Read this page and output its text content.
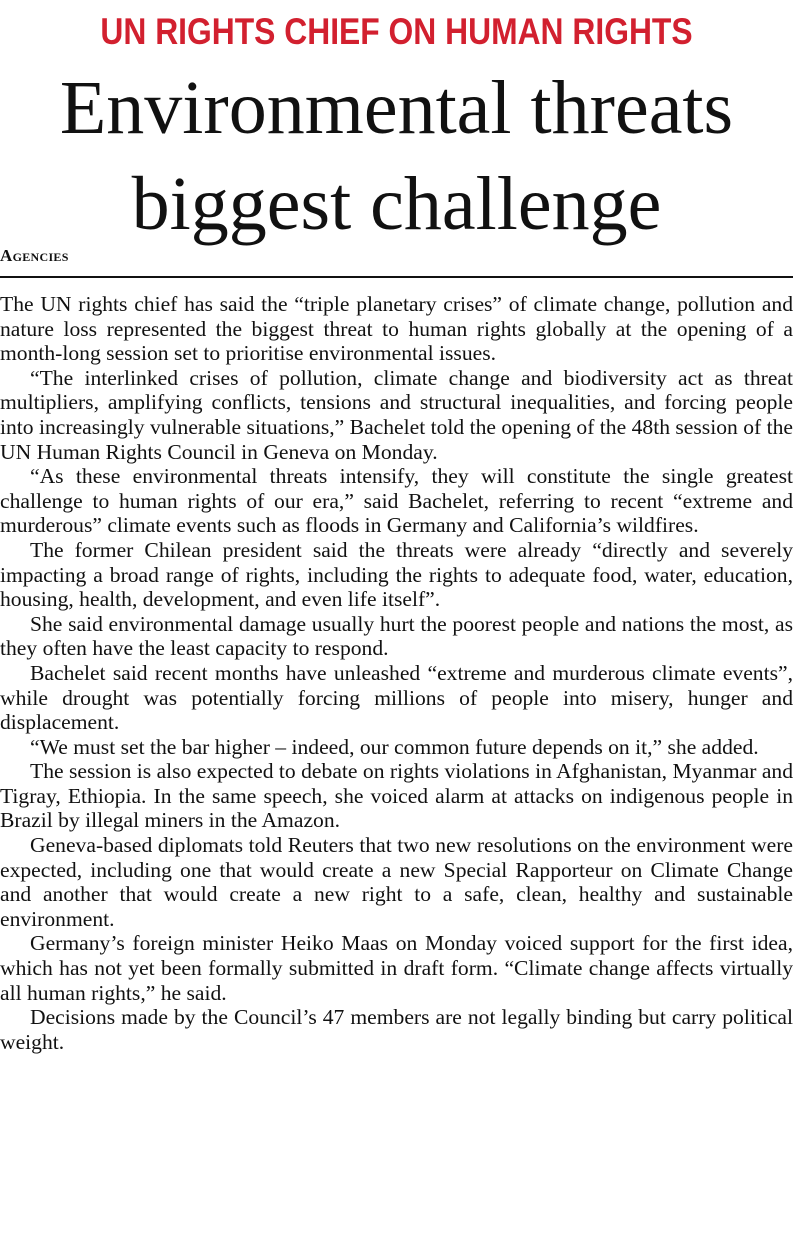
UN RIGHTS CHIEF ON HUMAN RIGHTS
Environmental threats
biggest challenge
Agencies

The UN rights chief has said the “triple planetary crises” of climate change, pollution and nature loss represented the biggest threat to human rights globally at the opening of a month-long session set to prioritise environmental issues.

“The interlinked crises of pollution, climate change and biodiversity act as threat multipliers, amplifying conflicts, tensions and structural inequalities, and forcing people into increasingly vulnerable situations,” Bachelet told the opening of the 48th session of the UN Human Rights Council in Geneva on Monday.

“As these environmental threats intensify, they will constitute the single greatest challenge to human rights of our era,” said Bachelet, referring to recent “extreme and murderous” climate events such as floods in Germany and California’s wildfires.

The former Chilean president said the threats were already “directly and severely impacting a broad range of rights, including the rights to adequate food, water, education, housing, health, development, and even life itself”.

She said environmental damage usually hurt the poorest people and nations the most, as they often have the least capacity to respond.

Bachelet said recent months have unleashed “extreme and murderous climate events”, while drought was potentially forcing millions of people into misery, hunger and displacement.

“We must set the bar higher – indeed, our common future depends on it,” she added.

The session is also expected to debate on rights violations in Afghanistan, Myanmar and Tigray, Ethiopia. In the same speech, she voiced alarm at attacks on indigenous people in Brazil by illegal miners in the Amazon.

Geneva-based diplomats told Reuters that two new resolutions on the environment were expected, including one that would create a new Special Rapporteur on Climate Change and another that would create a new right to a safe, clean, healthy and sustainable environment.

Germany’s foreign minister Heiko Maas on Monday voiced support for the first idea, which has not yet been formally submitted in draft form. “Climate change affects virtually all human rights,” he said.

Decisions made by the Council’s 47 members are not legally binding but carry political weight.
